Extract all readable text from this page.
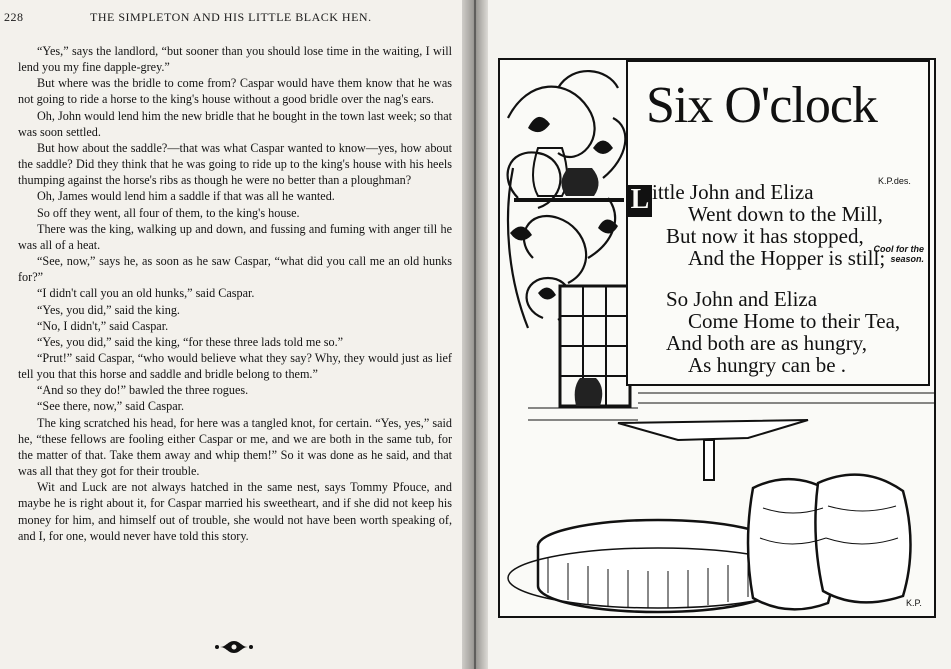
228	THE SIMPLETON AND HIS LITTLE BLACK HEN.

“Yes,” says the landlord, “but sooner than you should lose time in the waiting, I will lend you my fine dapple-grey.”

But where was the bridle to come from? Caspar would have them know that he was not going to ride a horse to the king's house without a good bridle over the nag's ears.

Oh, John would lend him the new bridle that he bought in the town last week; so that was soon settled.

But how about the saddle?—that was what Caspar wanted to know—yes, how about the saddle? Did they think that he was going to ride up to the king's house with his heels thumping against the horse's ribs as though he were no better than a ploughman?

Oh, James would lend him a saddle if that was all he wanted.

So off they went, all four of them, to the king's house.

There was the king, walking up and down, and fussing and fuming with anger till he was all of a heat.

“See, now,” says he, as soon as he saw Caspar, “what did you call me an old hunks for?”

“I didn't call you an old hunks,” said Caspar.

“Yes, you did,” said the king.

“No, I didn't,” said Caspar.

“Yes, you did,” said the king, “for these three lads told me so.”

“Prut!” said Caspar, “who would believe what they say? Why, they would just as lief tell you that this horse and saddle and bridle belong to them.”

“And so they do!” bawled the three rogues.

“See there, now,” said Caspar.

The king scratched his head, for here was a tangled knot, for certain. “Yes, yes,” said he, “these fellows are fooling either Caspar or me, and we are both in the same tub, for the matter of that. Take them away and whip them!” So it was done as he said, and that was all that they got for their trouble.

Wit and Luck are not always hatched in the same nest, says Tommy Pfouce, and maybe he is right about it, for Caspar married his sweetheart, and if she did not keep his money for him, and himself out of trouble, she would not have been worth speaking of, and I, for one, would never have told this story.

Six O'clock
K.P.des.
L ittle John and Eliza
Went down to the Mill,
But now it has stopped,
And the Hopper is still;
Cool for the season.
So John and Eliza
Come Home to their Tea,
And both are as hungry,
As hungry can be .
K.P.
